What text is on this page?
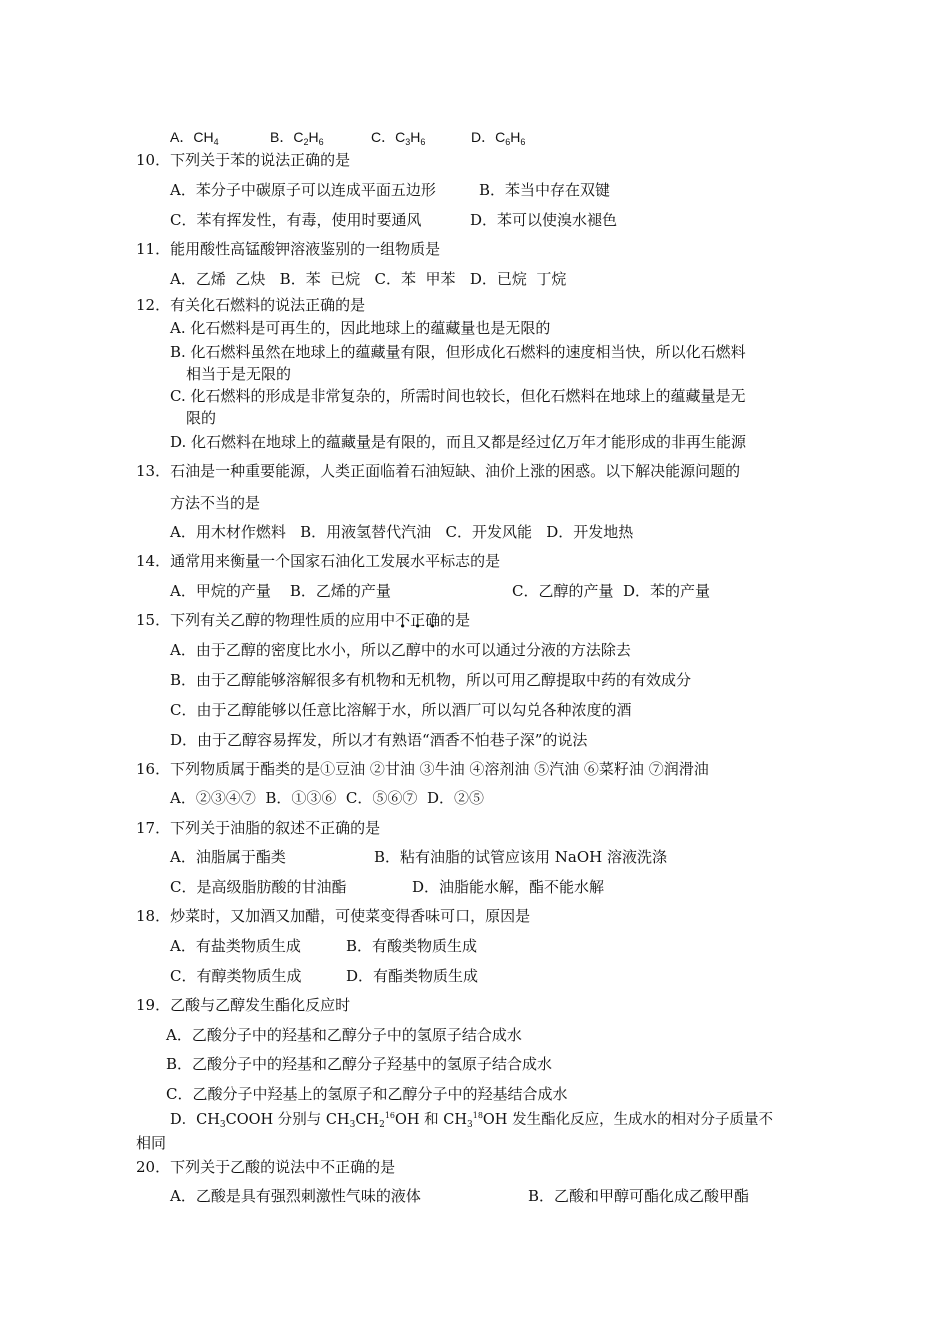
A．$CH_4$	B．$C_2H_6$	C．$C_3H_6$	D．$C_6H_6$
10．下列关于苯的说法正确的是
A．苯分子中碳原子可以连成平面五边形	B．苯当中存在双键
C．苯有挥发性，有毒，使用时要通风	D．苯可以使溴水褪色
11．能用酸性高锰酸钾溶液鉴别的一组物质是
A．乙烯  乙炔   B．苯  已烷   C．苯  甲苯   D．已烷  丁烷
12．有关化石燃料的说法正确的是
A. 化石燃料是可再生的，因此地球上的蕴藏量也是无限的
B. 化石燃料虽然在地球上的蕴藏量有限，但形成化石燃料的速度相当快，所以化石燃料
相当于是无限的
C. 化石燃料的形成是非常复杂的，所需时间也较长，但化石燃料在地球上的蕴藏量是无
限的
D. 化石燃料在地球上的蕴藏量是有限的，而且又都是经过亿万年才能形成的非再生能源
13．石油是一种重要能源，人类正面临着石油短缺、油价上涨的困惑。以下解决能源问题的
方法不当的是
A．用木材作燃料   B．用液氢替代汽油   C．开发风能   D．开发地热
14．通常用来衡量一个国家石油化工发展水平标志的是
A．甲烷的产量    B．乙烯的产量	C．乙醇的产量  D．苯的产量
15．下列有关乙醇的物理性质的应用中不正确的是
A．由于乙醇的密度比水小，所以乙醇中的水可以通过分液的方法除去
B．由于乙醇能够溶解很多有机物和无机物，所以可用乙醇提取中药的有效成分
C．由于乙醇能够以任意比溶解于水，所以酒厂可以勾兑各种浓度的酒
D．由于乙醇容易挥发，所以才有熟语“酒香不怕巷子深”的说法
16．下列物质属于酯类的是①豆油 ②甘油 ③牛油 ④溶剂油 ⑤汽油 ⑥菜籽油 ⑦润滑油
A．②③④⑦  B．①③⑥  C．⑤⑥⑦  D．②⑤
17．下列关于油脂的叙述不正确的是
A．油脂属于酯类	B．粘有油脂的试管应该用 NaOH 溶液洗涤
C．是高级脂肪酸的甘油酯	D．油脂能水解，酯不能水解
18．炒菜时，又加酒又加醋，可使菜变得香味可口，原因是
A．有盐类物质生成	B．有酸类物质生成
C．有醇类物质生成	D．有酯类物质生成
19．乙酸与乙醇发生酯化反应时
A．乙酸分子中的羟基和乙醇分子中的氢原子结合成水
B．乙酸分子中的羟基和乙醇分子羟基中的氢原子结合成水
C．乙酸分子中羟基上的氢原子和乙醇分子中的羟基结合成水
D．$CH_3COOH$ 分别与 $CH_3CH_2^{16}OH$ 和 $CH_3^{18}OH$ 发生酯化反应，生成水的相对分子质量不
相同
20．下列关于乙酸的说法中不正确的是
A．乙酸是具有强烈刺激性气味的液体	B．乙酸和甲醇可酯化成乙酸甲酯
